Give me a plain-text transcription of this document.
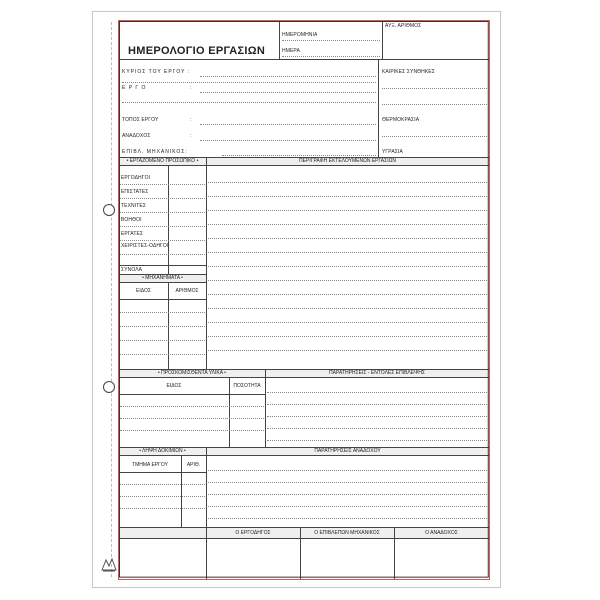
ΗΜΕΡΟΛΟΓΙΟ ΕΡΓΑΣΙΩΝ
ΗΜΕΡΟΜΗΝΙΑ
ΗΜΕΡΑ
ΑΥΞ. ΑΡΙΘΜΟΣ
ΚΥΡΙΟΣ ΤΟΥ ΕΡΓΟΥ :
Ε Ρ Γ Ο	:
ΤΟΠΟΣ ΕΡΓΟΥ	:
ΑΝΑΔΟΧΟΣ	:
ΕΠΙΒΛ. ΜΗΧΑΝΙΚΟΣ:
ΚΑΙΡΙΚΕΣ ΣΥΝΘΗΚΕΣ
ΘΕΡΜΟΚΡΑΣΙΑ
ΥΓΡΑΣΙΑ
• ΕΡΓΑΖΟΜΕΝΟ ΠΡΟΣΩΠΙΚΟ •	ΠΕΡΙΓΡΑΦΗ ΕΚΤΕΛΟΥΜΕΝΩΝ ΕΡΓΑΣΙΩΝ
ΕΡΓΟΔΗΓΟΙ
ΕΠΙΣΤΑΤΕΣ
ΤΕΧΝΙΤΕΣ
ΒΟΗΘΟΙ
ΕΡΓΑΤΕΣ
ΧΕΙΡΙΣΤΕΣ-ΟΔΗΓΟΙ
ΣΥΝΟΛΑ
• ΜΗΧΑΝΗΜΑΤΑ •
ΕΙΔΟΣ	ΑΡΙΘΜΟΣ
• ΠΡΟΣΚΟΜΙΣΘΕΝΤΑ ΥΛΙΚΑ •	ΠΑΡΑΤΗΡΗΣΕΙΣ - ΕΝΤΟΛΕΣ ΕΠΙΒΛΕΨΗΣ
ΕΙΔΟΣ	ΠΟΣΟΤΗΤΑ
• ΛΗΨΗ ΔΟΚΙΜΙΩΝ •	ΠΑΡΑΤΗΡΗΣΕΙΣ ΑΝΑΔΟΧΟΥ
ΤΜΗΜΑ ΕΡΓΟΥ	ΑΡΙΘ.
Ο ΕΡΓΟΔΗΓΟΣ	Ο ΕΠΙΒΛΕΠΩΝ ΜΗΧΑΝΙΚΟΣ	Ο ΑΝΑΔΟΧΟΣ
